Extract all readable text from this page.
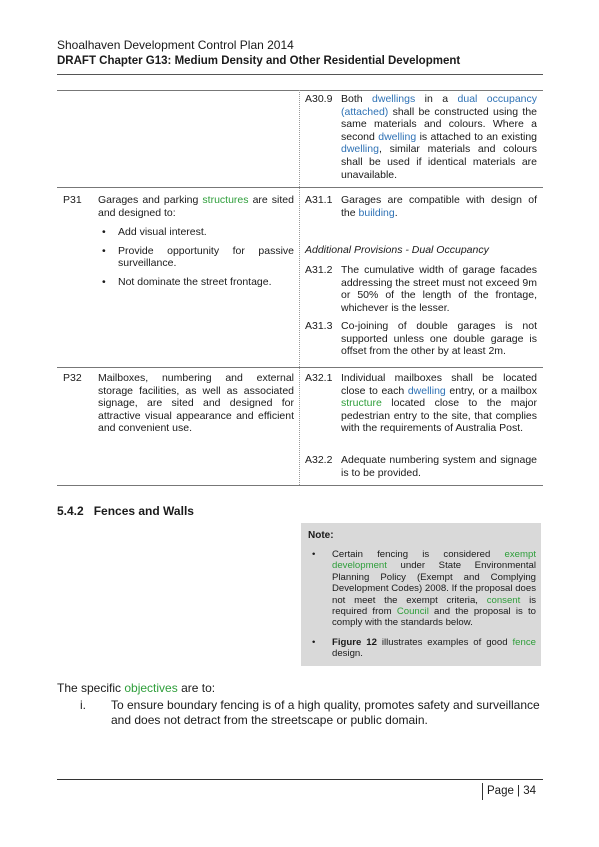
Shoalhaven Development Control Plan 2014
DRAFT Chapter G13: Medium Density and Other Residential Development
A30.9 Both dwellings in a dual occupancy (attached) shall be constructed using the same materials and colours. Where a second dwelling is attached to an existing dwelling, similar materials and colours shall be used if identical materials are unavailable.
P31 Garages and parking structures are sited and designed to:
• Add visual interest.
• Provide opportunity for passive surveillance.
• Not dominate the street frontage.
A31.1 Garages are compatible with design of the building.
Additional Provisions - Dual Occupancy
A31.2 The cumulative width of garage facades addressing the street must not exceed 9m or 50% of the length of the frontage, whichever is the lesser.
A31.3 Co-joining of double garages is not supported unless one double garage is offset from the other by at least 2m.
P32 Mailboxes, numbering and external storage facilities, as well as associated signage, are sited and designed for attractive visual appearance and efficient and convenient use.
A32.1 Individual mailboxes shall be located close to each dwelling entry, or a mailbox structure located close to the major pedestrian entry to the site, that complies with the requirements of Australia Post.
A32.2 Adequate numbering system and signage is to be provided.
5.4.2   Fences and Walls
Note:
• Certain fencing is considered exempt development under State Environmental Planning Policy (Exempt and Complying Development Codes) 2008. If the proposal does not meet the exempt criteria, consent is required from Council and the proposal is to comply with the standards below.
• Figure 12 illustrates examples of good fence design.
The specific objectives are to:
i. To ensure boundary fencing is of a high quality, promotes safety and surveillance and does not detract from the streetscape or public domain.
Page | 34
